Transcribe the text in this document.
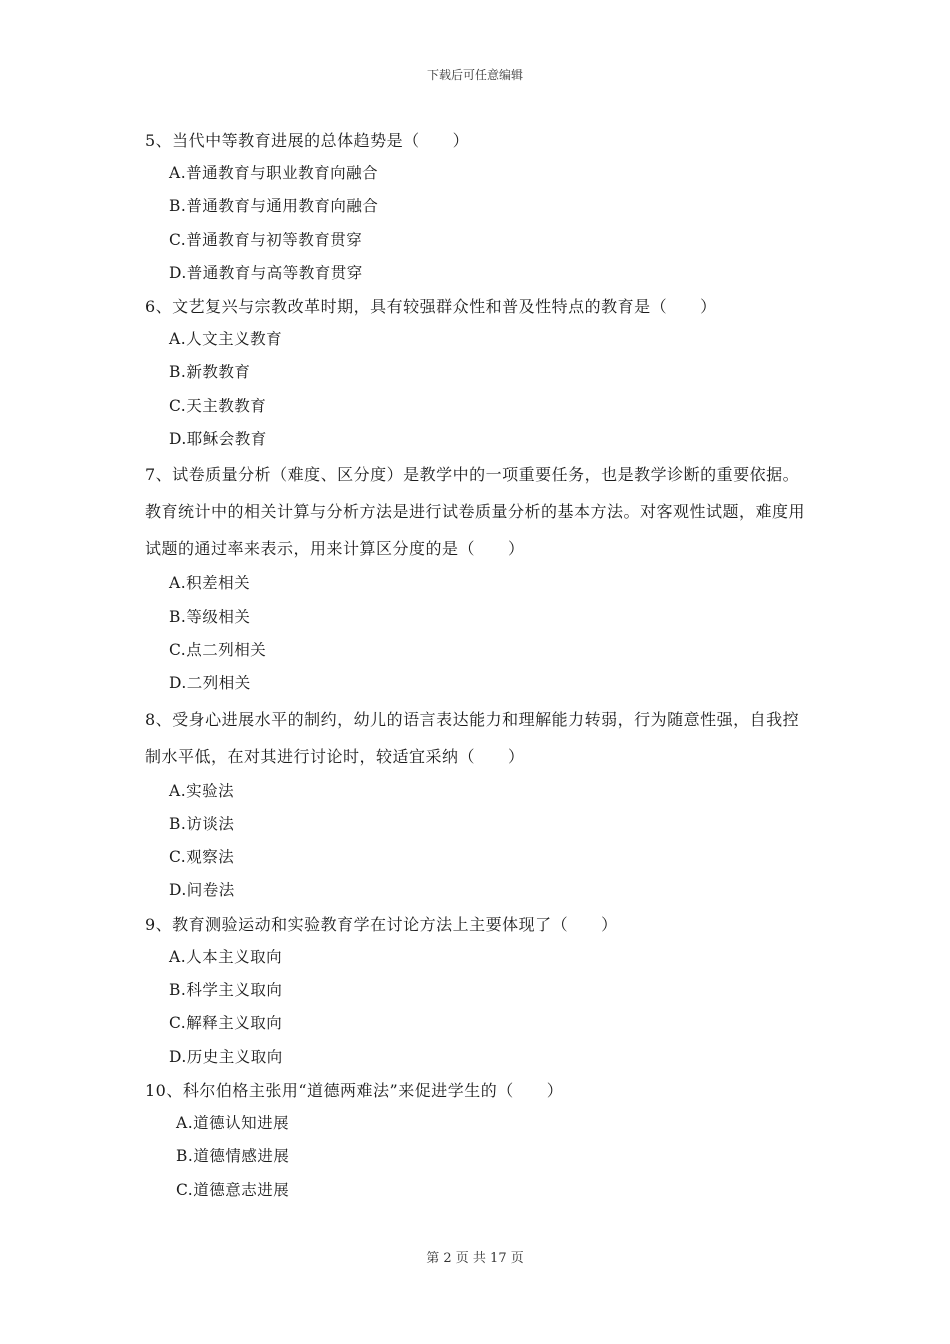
下载后可任意编辑

5、当代中等教育进展的总体趋势是（　　）

A.普通教育与职业教育向融合

B.普通教育与通用教育向融合

C.普通教育与初等教育贯穿

D.普通教育与高等教育贯穿

6、文艺复兴与宗教改革时期，具有较强群众性和普及性特点的教育是（　　）

A.人文主义教育

B.新教教育

C.天主教教育

D.耶稣会教育

7、试卷质量分析（难度、区分度）是教学中的一项重要任务，也是教学诊断的重要依据。教育统计中的相关计算与分析方法是进行试卷质量分析的基本方法。对客观性试题，难度用试题的通过率来表示，用来计算区分度的是（　　）

A.积差相关

B.等级相关

C.点二列相关

D.二列相关

8、受身心进展水平的制约，幼儿的语言表达能力和理解能力转弱，行为随意性强，自我控制水平低，在对其进行讨论时，较适宜采纳（　　）

A.实验法

B.访谈法

C.观察法

D.问卷法

9、教育测验运动和实验教育学在讨论方法上主要体现了（　　）

A.人本主义取向

B.科学主义取向

C.解释主义取向

D.历史主义取向

10、科尔伯格主张用“道德两难法”来促进学生的（　　）

A.道德认知进展

B.道德情感进展

C.道德意志进展

第 2 页 共 17 页
